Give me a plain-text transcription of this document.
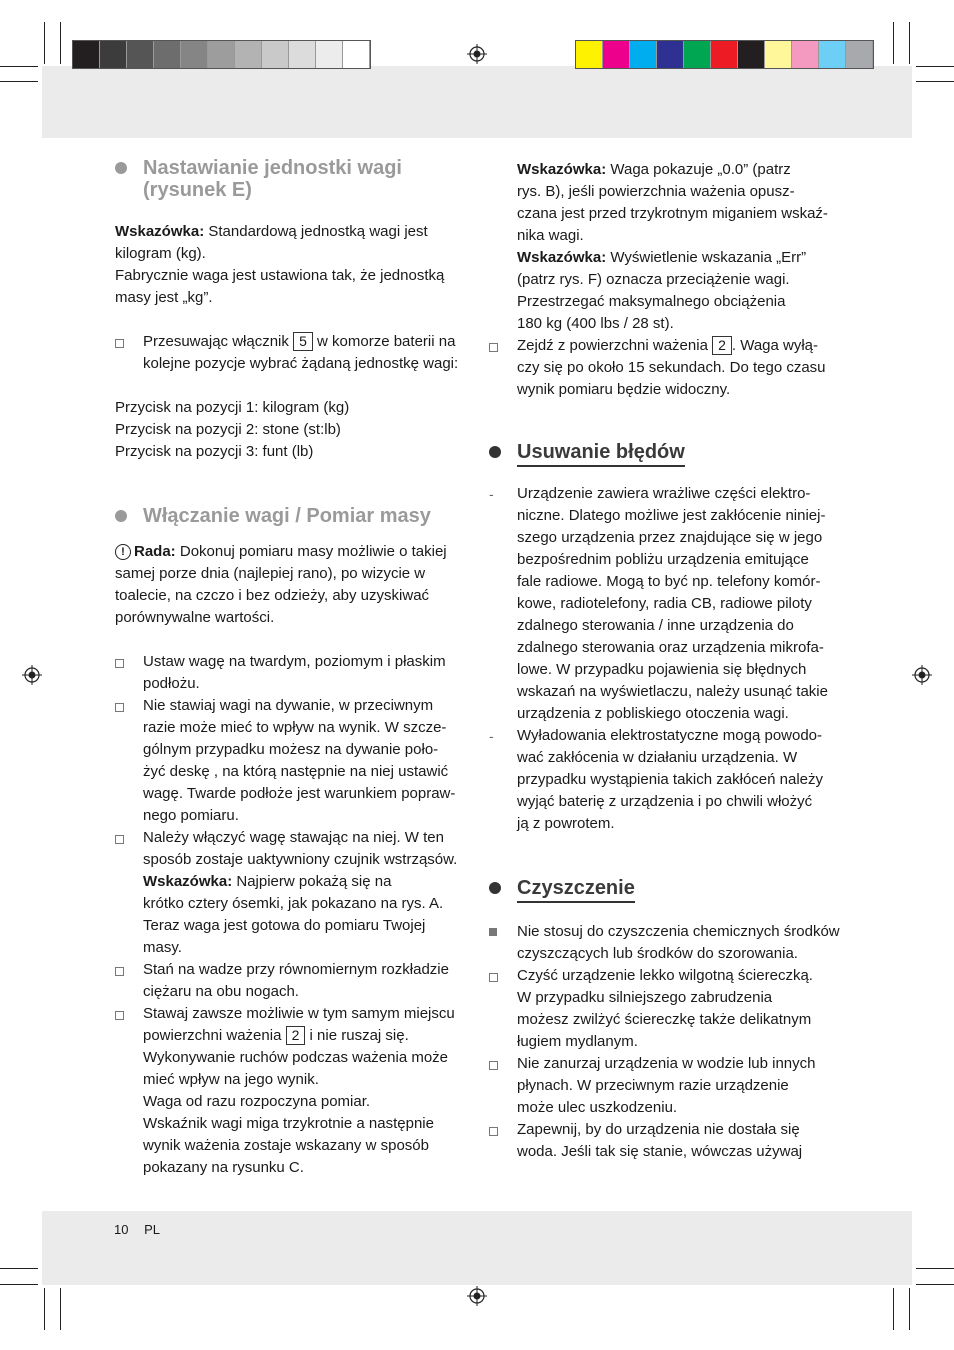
Nastawianie jednostki wagi
(rysunek E)

Wskazówka: Standardową jednostką wagi jest

kilogram (kg).

Fabrycznie waga jest ustawiona tak, że jednostką

masy jest „kg”.

Przesuwając włącznik 5 w komorze baterii na

kolejne pozycje wybrać żądaną jednostkę wagi:

Przycisk na pozycji 1: kilogram (kg)

Przycisk na pozycji 2: stone (st:lb)

Przycisk na pozycji 3: funt (lb)

Włączanie wagi / Pomiar masy

! Rada: Dokonuj pomiaru masy możliwie o takiej

samej porze dnia (najlepiej rano), po wizycie w

toalecie, na czczo i bez odzieży, aby uzyskiwać

porównywalne wartości.

Ustaw wagę na twardym, poziomym i płaskim

podłożu.

Nie stawiaj wagi na dywanie, w przeciwnym

razie może mieć to wpływ na wynik. W szcze-

gólnym przypadku możesz na dywanie poło-

żyć deskę , na którą następnie na niej ustawić

wagę. Twarde podłoże jest warunkiem popraw-

nego pomiaru.

Należy włączyć wagę stawając na niej. W ten

sposób zostaje uaktywniony czujnik wstrząsów.

Wskazówka: Najpierw pokażą się na

krótko cztery ósemki, jak pokazano na rys. A.

Teraz waga jest gotowa do pomiaru Twojej

masy.

Stań na wadze przy równomiernym rozkładzie

ciężaru na obu nogach.

Stawaj zawsze możliwie w tym samym miejscu

powierzchni ważenia 2 i nie ruszaj się.

Wykonywanie ruchów podczas ważenia może

mieć wpływ na jego wynik.

Waga od razu rozpoczyna pomiar.

Wskaźnik wagi miga trzykrotnie a następnie

wynik ważenia zostaje wskazany w sposób

pokazany na rysunku C.

Wskazówka: Waga pokazuje „0.0” (patrz

rys. B), jeśli powierzchnia ważenia opusz-

czana jest przed trzykrotnym miganiem wskaź-

nika wagi.

Wskazówka: Wyświetlenie wskazania „Err”

(patrz rys. F) oznacza przeciążenie wagi.

Przestrzegać maksymalnego obciążenia

180 kg (400 lbs / 28 st).

Zejdź z powierzchni ważenia 2 . Waga wyłą-

czy się po około 15 sekundach. Do tego czasu

wynik pomiaru będzie widoczny.

Usuwanie błędów
- Urządzenie zawiera wrażliwe części elektro-

niczne. Dlatego możliwe jest zakłócenie niniej-

szego urządzenia przez znajdujące się w jego

bezpośrednim pobliżu urządzenia emitujące

fale radiowe. Mogą to być np. telefony komór-

kowe, radiotelefony, radia CB, radiowe piloty

zdalnego sterowania / inne urządzenia do

zdalnego sterowania oraz urządzenia mikrofa-

lowe. W przypadku pojawienia się błędnych

wskazań na wyświetlaczu, należy usunąć takie

urządzenia z pobliskiego otoczenia wagi.

- Wyładowania elektrostatyczne mogą powodo-

wać zakłócenia w działaniu urządzenia. W

przypadku wystąpienia takich zakłóceń należy

wyjąć baterię z urządzenia i po chwili włożyć

ją z powrotem.

Czyszczenie

Nie stosuj do czyszczenia chemicznych środków

czyszczących lub środków do szorowania.

Czyść urządzenie lekko wilgotną ściereczką.

W przypadku silniejszego zabrudzenia

możesz zwilżyć ściereczkę także delikatnym

ługiem mydlanym.

Nie zanurzaj urządzenia w wodzie lub innych

płynach. W przeciwnym razie urządzenie

może ulec uszkodzeniu.

Zapewnij, by do urządzenia nie dostała się

woda. Jeśli tak się stanie, wówczas używaj

10 PL
